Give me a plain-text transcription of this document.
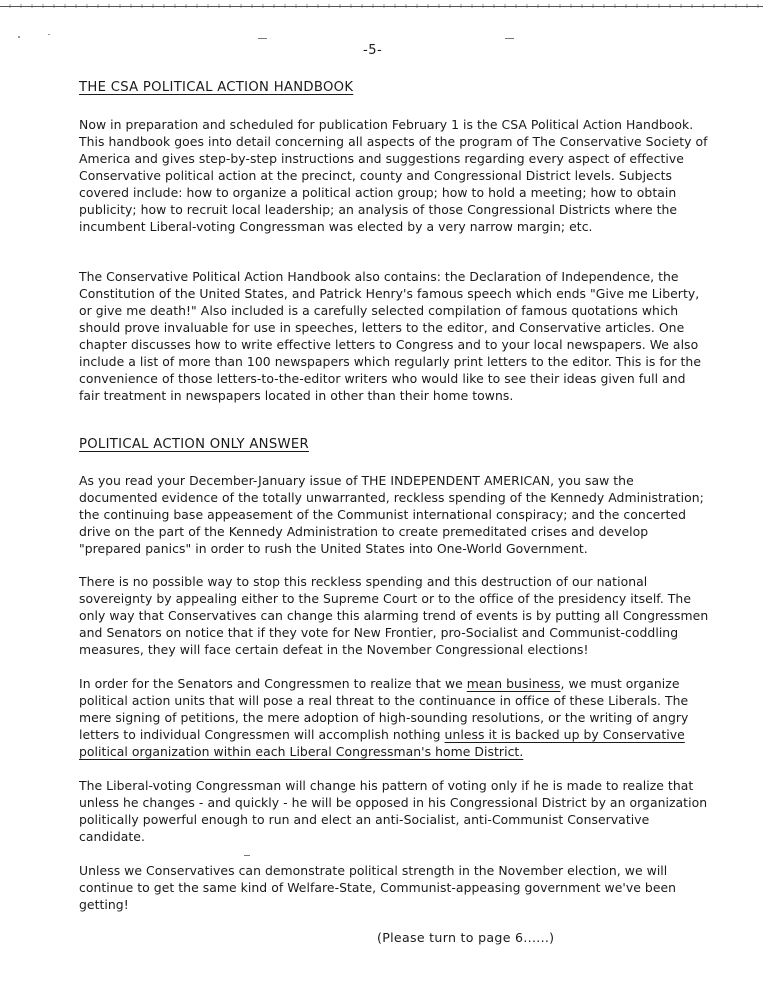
-5-
THE CSA POLITICAL ACTION HANDBOOK

Now in preparation and scheduled for publication February 1 is the CSA Political Action Handbook. This handbook goes into detail concerning all aspects of the program of The Conservative Society of America and gives step-by-step instructions and suggestions regarding every aspect of effective Conservative political action at the precinct, county and Congressional District levels. Subjects covered include: how to organize a political action group; how to hold a meeting; how to obtain publicity; how to recruit local leadership; an analysis of those Congressional Districts where the incumbent Liberal-voting Congressman was elected by a very narrow margin; etc.

The Conservative Political Action Handbook also contains: the Declaration of Independence, the Constitution of the United States, and Patrick Henry's famous speech which ends "Give me Liberty, or give me death!" Also included is a carefully selected compilation of famous quotations which should prove invaluable for use in speeches, letters to the editor, and Conservative articles. One chapter discusses how to write effective letters to Congress and to your local newspapers. We also include a list of more than 100 newspapers which regularly print letters to the editor. This is for the convenience of those letters-to-the-editor writers who would like to see their ideas given full and fair treatment in newspapers located in other than their home towns.

POLITICAL ACTION ONLY ANSWER

As you read your December-January issue of THE INDEPENDENT AMERICAN, you saw the documented evidence of the totally unwarranted, reckless spending of the Kennedy Administration; the continuing base appeasement of the Communist international conspiracy; and the concerted drive on the part of the Kennedy Administration to create premeditated crises and develop "prepared panics" in order to rush the United States into One-World Government.

There is no possible way to stop this reckless spending and this destruction of our national sovereignty by appealing either to the Supreme Court or to the office of the presidency itself. The only way that Conservatives can change this alarming trend of events is by putting all Congressmen and Senators on notice that if they vote for New Frontier, pro-Socialist and Communist-coddling measures, they will face certain defeat in the November Congressional elections!

In order for the Senators and Congressmen to realize that we mean business, we must organize political action units that will pose a real threat to the continuance in office of these Liberals. The mere signing of petitions, the mere adoption of high-sounding resolutions, or the writing of angry letters to individual Congressmen will accomplish nothing unless it is backed up by Conservative political organization within each Liberal Congressman's home District.

The Liberal-voting Congressman will change his pattern of voting only if he is made to realize that unless he changes - and quickly - he will be opposed in his Congressional District by an organization politically powerful enough to run and elect an anti-Socialist, anti-Communist Conservative candidate.

Unless we Conservatives can demonstrate political strength in the November election, we will continue to get the same kind of Welfare-State, Communist-appeasing government we've been getting!

(Please turn to page 6......)
